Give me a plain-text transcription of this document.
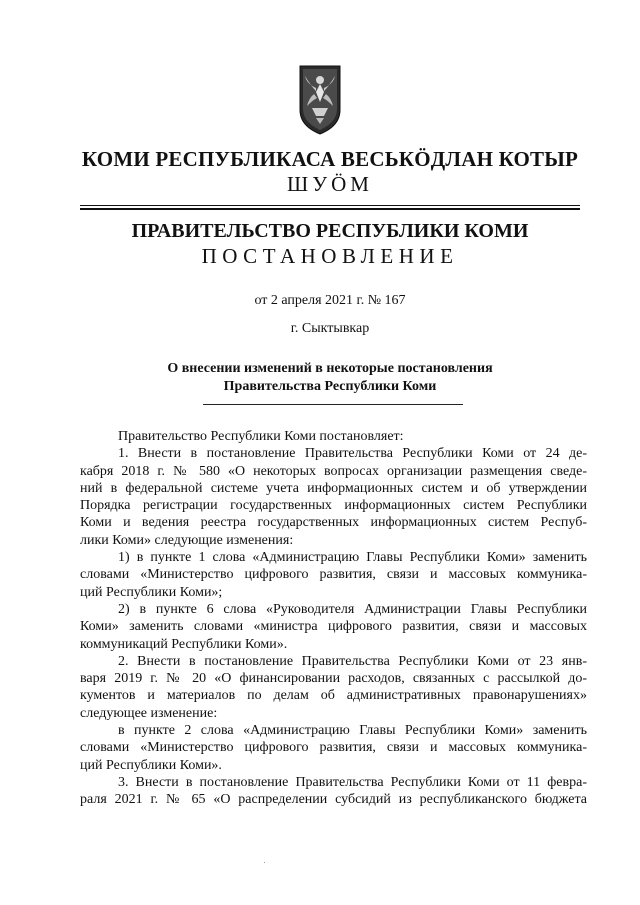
КОМИ РЕСПУБЛИКАСА ВЕСЬКӦДЛАН КОТЫР
ШУӦМ
ПРАВИТЕЛЬСТВО РЕСПУБЛИКИ КОМИ
ПОСТАНОВЛЕНИЕ
от 2 апреля 2021 г. № 167
г. Сыктывкар
О внесении изменений в некоторые постановления
Правительства Республики Коми

Правительство Республики Коми постановляет:

1. Внести в постановление Правительства Республики Коми от 24 де-

кабря 2018 г. № 580 «О некоторых вопросах организации размещения сведе-

ний в федеральной системе учета информационных систем и об утверждении

Порядка регистрации государственных информационных систем Республики

Коми и ведения реестра государственных информационных систем Респуб-

лики Коми» следующие изменения:

1) в пункте 1 слова «Администрацию Главы Республики Коми» заменить

словами «Министерство цифрового развития, связи и массовых коммуника-

ций Республики Коми»;

2) в пункте 6 слова «Руководителя Администрации Главы Республики

Коми» заменить словами «министра цифрового развития, связи и массовых

коммуникаций Республики Коми».

2. Внести в постановление Правительства Республики Коми от 23 янв-

варя 2019 г. № 20 «О финансировании расходов, связанных с рассылкой до-

кументов и материалов по делам об административных правонарушениях»

следующее изменение:

в пункте 2 слова «Администрацию Главы Республики Коми» заменить

словами «Министерство цифрового развития, связи и массовых коммуника-

ций Республики Коми».

3. Внести в постановление Правительства Республики Коми от 11 февра-

раля 2021 г. № 65 «О распределении субсидий из республиканского бюджета
